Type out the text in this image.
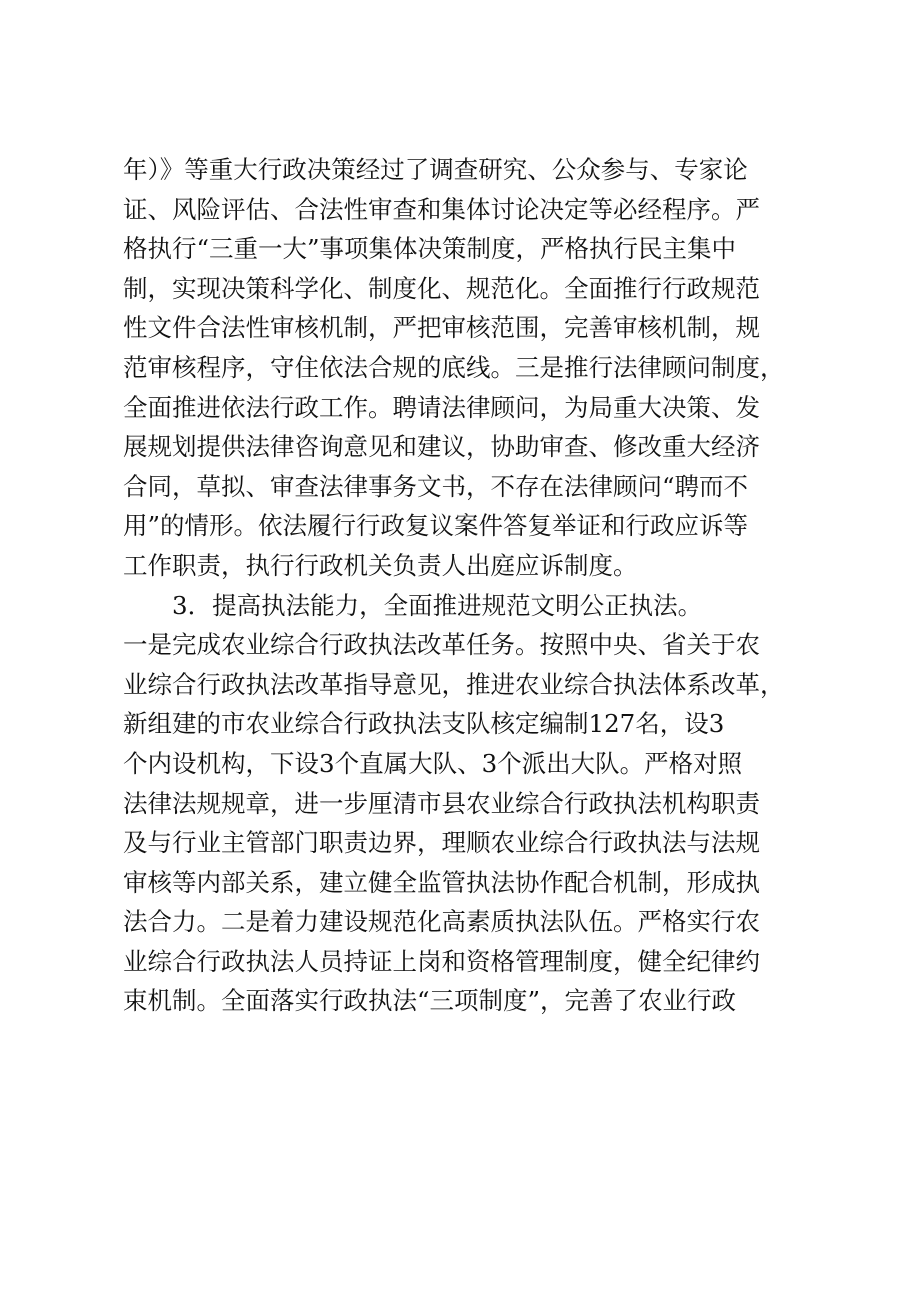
年）》等重大行政决策经过了调查研究、公众参与、专家论
证、风险评估、合法性审查和集体讨论决定等必经程序。严
格执行“三重一大”事项集体决策制度，严格执行民主集中
制，实现决策科学化、制度化、规范化。全面推行行政规范
性文件合法性审核机制，严把审核范围，完善审核机制，规
范审核程序，守住依法合规的底线。三是推行法律顾问制度，
全面推进依法行政工作。聘请法律顾问，为局重大决策、发
展规划提供法律咨询意见和建议，协助审查、修改重大经济
合同，草拟、审查法律事务文书，不存在法律顾问“聘而不
用”的情形。依法履行行政复议案件答复举证和行政应诉等
工作职责，执行行政机关负责人出庭应诉制度。
3．提高执法能力，全面推进规范文明公正执法。
一是完成农业综合行政执法改革任务。按照中央、省关于农
业综合行政执法改革指导意见，推进农业综合执法体系改革，
新组建的市农业综合行政执法支队核定编制127名，设3
个内设机构，下设3个直属大队、3个派出大队。严格对照
法律法规规章，进一步厘清市县农业综合行政执法机构职责
及与行业主管部门职责边界，理顺农业综合行政执法与法规
审核等内部关系，建立健全监管执法协作配合机制，形成执
法合力。二是着力建设规范化高素质执法队伍。严格实行农
业综合行政执法人员持证上岗和资格管理制度，健全纪律约
束机制。全面落实行政执法“三项制度”，完善了农业行政
